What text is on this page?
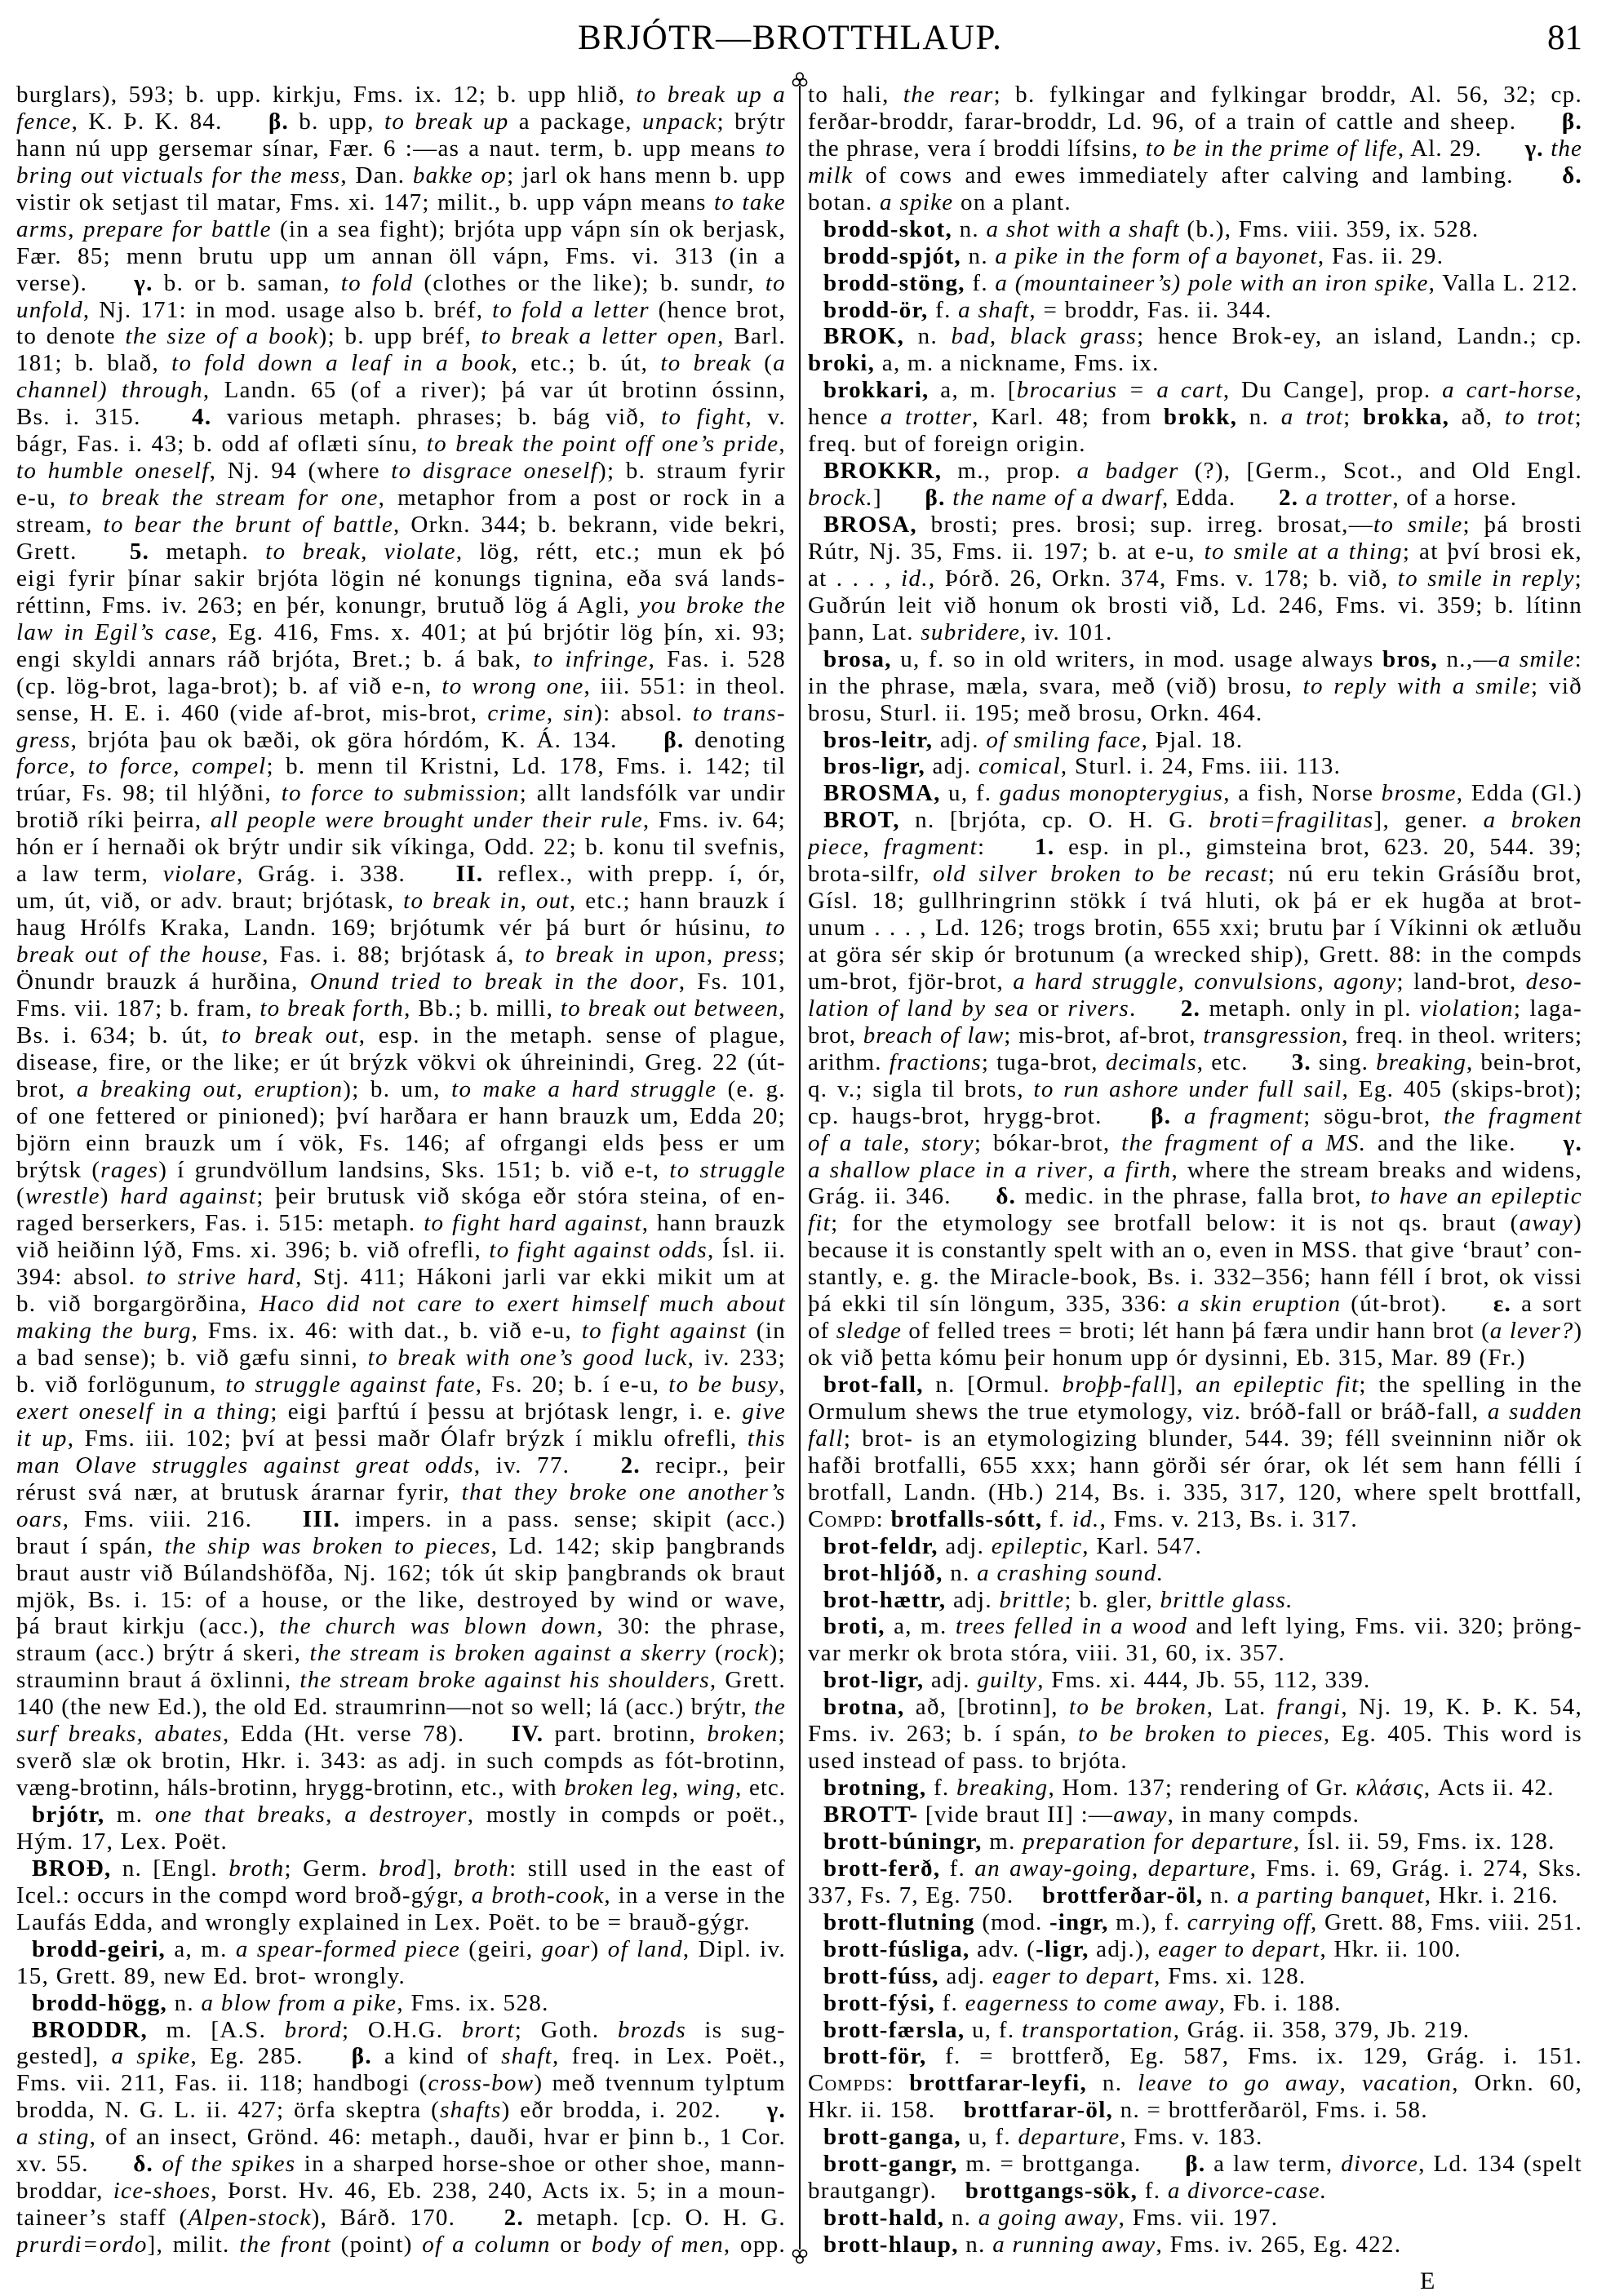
BRJÓTR—BROTTHLAUP.	81
burglars), 593; b. upp. kirkju, Fms. ix. 12; b. upp hlið, to break up a
fence, K. Þ. K. 84. β. b. upp, to break up a package, unpack; brýtr
hann nú upp gersemar sínar, Fær. 6 :—as a naut. term, b. upp means to
bring out victuals for the mess, Dan. bakke op; jarl ok hans menn b. upp
vistir ok setjast til matar, Fms. xi. 147; milit., b. upp vápn means to take
arms, prepare for battle (in a sea fight); brjóta upp vápn sín ok berjask,
Fær. 85; menn brutu upp um annan öll vápn, Fms. vi. 313 (in a
verse). γ. b. or b. saman, to fold (clothes or the like); b. sundr, to
unfold, Nj. 171: in mod. usage also b. bréf, to fold a letter (hence brot,
to denote the size of a book); b. upp bréf, to break a letter open, Barl.
181; b. blað, to fold down a leaf in a book, etc.; b. út, to break (a
channel) through, Landn. 65 (of a river); þá var út brotinn óssinn,
Bs. i. 315. 4. various metaph. phrases; b. bág við, to fight, v.
bágr, Fas. i. 43; b. odd af oflæti sínu, to break the point off one’s pride,
to humble oneself, Nj. 94 (where to disgrace oneself); b. straum fyrir
e-u, to break the stream for one, metaphor from a post or rock in a
stream, to bear the brunt of battle, Orkn. 344; b. bekrann, vide bekri,
Grett. 5. metaph. to break, violate, lög, rétt, etc.; mun ek þó
eigi fyrir þínar sakir brjóta lögin né konungs tignina, eða svá lands-
réttinn, Fms. iv. 263; en þér, konungr, brutuð lög á Agli, you broke the
law in Egil’s case, Eg. 416, Fms. x. 401; at þú brjótir lög þín, xi. 93;
engi skyldi annars ráð brjóta, Bret.; b. á bak, to infringe, Fas. i. 528
(cp. lög-brot, laga-brot); b. af við e-n, to wrong one, iii. 551: in theol.
sense, H. E. i. 460 (vide af-brot, mis-brot, crime, sin): absol. to trans-
gress, brjóta þau ok bæði, ok göra hórdóm, K. Á. 134. β. denoting
force, to force, compel; b. menn til Kristni, Ld. 178, Fms. i. 142; til
trúar, Fs. 98; til hlýðni, to force to submission; allt landsfólk var undir
brotið ríki þeirra, all people were brought under their rule, Fms. iv. 64;
hón er í hernaði ok brýtr undir sik víkinga, Odd. 22; b. konu til svefnis,
a law term, violare, Grág. i. 338. II. reflex., with prepp. í, ór,
um, út, við, or adv. braut; brjótask, to break in, out, etc.; hann brauzk í
haug Hrólfs Kraka, Landn. 169; brjótumk vér þá burt ór húsinu, to
break out of the house, Fas. i. 88; brjótask á, to break in upon, press;
Önundr brauzk á hurðina, Onund tried to break in the door, Fs. 101,
Fms. vii. 187; b. fram, to break forth, Bb.; b. milli, to break out between,
Bs. i. 634; b. út, to break out, esp. in the metaph. sense of plague,
disease, fire, or the like; er út brýzk vökvi ok úhreinindi, Greg. 22 (út-
brot, a breaking out, eruption); b. um, to make a hard struggle (e. g.
of one fettered or pinioned); því harðara er hann brauzk um, Edda 20;
björn einn brauzk um í vök, Fs. 146; af ofrgangi elds þess er um
brýtsk (rages) í grundvöllum landsins, Sks. 151; b. við e-t, to struggle
(wrestle) hard against; þeir brutusk við skóga eðr stóra steina, of en-
raged berserkers, Fas. i. 515: metaph. to fight hard against, hann brauzk
við heiðinn lýð, Fms. xi. 396; b. við ofrefli, to fight against odds, Ísl. ii.
394: absol. to strive hard, Stj. 411; Hákoni jarli var ekki mikit um at
b. við borgargörðina, Haco did not care to exert himself much about
making the burg, Fms. ix. 46: with dat., b. við e-u, to fight against (in
a bad sense); b. við gæfu sinni, to break with one’s good luck, iv. 233;
b. við forlögunum, to struggle against fate, Fs. 20; b. í e-u, to be busy,
exert oneself in a thing; eigi þarftú í þessu at brjótask lengr, i. e. give
it up, Fms. iii. 102; því at þessi maðr Ólafr brýzk í miklu ofrefli, this
man Olave struggles against great odds, iv. 77. 2. recipr., þeir
rérust svá nær, at brutusk árarnar fyrir, that they broke one another’s
oars, Fms. viii. 216. III. impers. in a pass. sense; skipit (acc.)
braut í spán, the ship was broken to pieces, Ld. 142; skip þangbrands
braut austr við Búlandshöfða, Nj. 162; tók út skip þangbrands ok braut
mjök, Bs. i. 15: of a house, or the like, destroyed by wind or wave,
þá braut kirkju (acc.), the church was blown down, 30: the phrase,
straum (acc.) brýtr á skeri, the stream is broken against a skerry (rock);
strauminn braut á öxlinni, the stream broke against his shoulders, Grett.
140 (the new Ed.), the old Ed. straumrinn—not so well; lá (acc.) brýtr, the
surf breaks, abates, Edda (Ht. verse 78). IV. part. brotinn, broken;
sverð slæ ok brotin, Hkr. i. 343: as adj. in such compds as fót-brotinn,
væng-brotinn, háls-brotinn, hrygg-brotinn, etc., with broken leg, wing, etc.
brjótr, m. one that breaks, a destroyer, mostly in compds or poët.,
Hým. 17, Lex. Poët.
BROÐ, n. [Engl. broth; Germ. brod], broth: still used in the east of
Icel.: occurs in the compd word broð-gýgr, a broth-cook, in a verse in the
Laufás Edda, and wrongly explained in Lex. Poët. to be = brauð-gýgr.
brodd-geiri, a, m. a spear-formed piece (geiri, goar) of land, Dipl. iv.
15, Grett. 89, new Ed. brot- wrongly.
brodd-högg, n. a blow from a pike, Fms. ix. 528.
BRODDR, m. [A.S. brord; O.H.G. brort; Goth. brozds is sug-
gested], a spike, Eg. 285. β. a kind of shaft, freq. in Lex. Poët.,
Fms. vii. 211, Fas. ii. 118; handbogi (cross-bow) með tvennum tylptum
brodda, N. G. L. ii. 427; örfa skeptra (shafts) eðr brodda, i. 202. γ.
a sting, of an insect, Grönd. 46: metaph., dauði, hvar er þinn b., 1 Cor.
xv. 55. δ. of the spikes in a sharped horse-shoe or other shoe, mann-
broddar, ice-shoes, Þorst. Hv. 46, Eb. 238, 240, Acts ix. 5; in a moun-
taineer’s staff (Alpen-stock), Bárð. 170. 2. metaph. [cp. O. H. G.
prurdi=ordo], milit. the front (point) of a column or body of men, opp.
to hali, the rear; b. fylkingar and fylkingar broddr, Al. 56, 32; cp.
ferðar-broddr, farar-broddr, Ld. 96, of a train of cattle and sheep. β.
the phrase, vera í broddi lífsins, to be in the prime of life, Al. 29. γ. the
milk of cows and ewes immediately after calving and lambing. δ.
botan. a spike on a plant.
brodd-skot, n. a shot with a shaft (b.), Fms. viii. 359, ix. 528.
brodd-spjót, n. a pike in the form of a bayonet, Fas. ii. 29.
brodd-stöng, f. a (mountaineer’s) pole with an iron spike, Valla L. 212.
brodd-ör, f. a shaft, = broddr, Fas. ii. 344.
BROK, n. bad, black grass; hence Brok-ey, an island, Landn.; cp.
broki, a, m. a nickname, Fms. ix.
brokkari, a, m. [brocarius = a cart, Du Cange], prop. a cart-horse,
hence a trotter, Karl. 48; from brokk, n. a trot; brokka, að, to trot;
freq. but of foreign origin.
BROKKR, m., prop. a badger (?), [Germ., Scot., and Old Engl.
brock.] β. the name of a dwarf, Edda. 2. a trotter, of a horse.
BROSA, brosti; pres. brosi; sup. irreg. brosat,—to smile; þá brosti
Rútr, Nj. 35, Fms. ii. 197; b. at e-u, to smile at a thing; at því brosi ek,
at . . . , id., Þórð. 26, Orkn. 374, Fms. v. 178; b. við, to smile in reply;
Guðrún leit við honum ok brosti við, Ld. 246, Fms. vi. 359; b. lítinn
þann, Lat. subridere, iv. 101.
brosa, u, f. so in old writers, in mod. usage always bros, n.,—a smile:
in the phrase, mæla, svara, með (við) brosu, to reply with a smile; við
brosu, Sturl. ii. 195; með brosu, Orkn. 464.
bros-leitr, adj. of smiling face, Þjal. 18.
bros-ligr, adj. comical, Sturl. i. 24, Fms. iii. 113.
BROSMA, u, f. gadus monopterygius, a fish, Norse brosme, Edda (Gl.)
BROT, n. [brjóta, cp. O. H. G. broti=fragilitas], gener. a broken
piece, fragment: 1. esp. in pl., gimsteina brot, 623. 20, 544. 39;
brota-silfr, old silver broken to be recast; nú eru tekin Grásíðu brot,
Gísl. 18; gullhringrinn stökk í tvá hluti, ok þá er ek hugða at brot-
unum . . . , Ld. 126; trogs brotin, 655 xxi; brutu þar í Víkinni ok ætluðu
at göra sér skip ór brotunum (a wrecked ship), Grett. 88: in the compds
um-brot, fjör-brot, a hard struggle, convulsions, agony; land-brot, deso-
lation of land by sea or rivers. 2. metaph. only in pl. violation; laga-
brot, breach of law; mis-brot, af-brot, transgression, freq. in theol. writers;
arithm. fractions; tuga-brot, decimals, etc. 3. sing. breaking, bein-brot,
q. v.; sigla til brots, to run ashore under full sail, Eg. 405 (skips-brot);
cp. haugs-brot, hrygg-brot. β. a fragment; sögu-brot, the fragment
of a tale, story; bókar-brot, the fragment of a MS. and the like. γ.
a shallow place in a river, a firth, where the stream breaks and widens,
Grág. ii. 346. δ. medic. in the phrase, falla brot, to have an epileptic
fit; for the etymology see brotfall below: it is not qs. braut (away)
because it is constantly spelt with an o, even in MSS. that give ‘braut’ con-
stantly, e. g. the Miracle-book, Bs. i. 332–356; hann féll í brot, ok vissi
þá ekki til sín löngum, 335, 336: a skin eruption (út-brot). ε. a sort
of sledge of felled trees = broti; lét hann þá færa undir hann brot (a lever?)
ok við þetta kómu þeir honum upp ór dysinni, Eb. 315, Mar. 89 (Fr.)
brot-fall, n. [Ormul. broþþ-fall], an epileptic fit; the spelling in the
Ormulum shews the true etymology, viz. bróð-fall or bráð-fall, a sudden
fall; brot- is an etymologizing blunder, 544. 39; féll sveinninn niðr ok
hafði brotfalli, 655 xxx; hann görði sér órar, ok lét sem hann félli í
brotfall, Landn. (Hb.) 214, Bs. i. 335, 317, 120, where spelt brottfall,
Compd: brotfalls-sótt, f. id., Fms. v. 213, Bs. i. 317.
brot-feldr, adj. epileptic, Karl. 547.
brot-hljóð, n. a crashing sound.
brot-hættr, adj. brittle; b. gler, brittle glass.
broti, a, m. trees felled in a wood and left lying, Fms. vii. 320; þröng-
var merkr ok brota stóra, viii. 31, 60, ix. 357.
brot-ligr, adj. guilty, Fms. xi. 444, Jb. 55, 112, 339.
brotna, að, [brotinn], to be broken, Lat. frangi, Nj. 19, K. Þ. K. 54,
Fms. iv. 263; b. í spán, to be broken to pieces, Eg. 405. This word is
used instead of pass. to brjóta.
brotning, f. breaking, Hom. 137; rendering of Gr. κλάσις, Acts ii. 42.
BROTT- [vide braut II] :—away, in many compds.
brott-búningr, m. preparation for departure, Ísl. ii. 59, Fms. ix. 128.
brott-ferð, f. an away-going, departure, Fms. i. 69, Grág. i. 274, Sks.
337, Fs. 7, Eg. 750. brottferðar-öl, n. a parting banquet, Hkr. i. 216.
brott-flutning (mod. -ingr, m.), f. carrying off, Grett. 88, Fms. viii. 251.
brott-fúsliga, adv. (-ligr, adj.), eager to depart, Hkr. ii. 100.
brott-fúss, adj. eager to depart, Fms. xi. 128.
brott-fýsi, f. eagerness to come away, Fb. i. 188.
brott-færsla, u, f. transportation, Grág. ii. 358, 379, Jb. 219.
brott-för, f. = brottferð, Eg. 587, Fms. ix. 129, Grág. i. 151.
Compds: brottfarar-leyfi, n. leave to go away, vacation, Orkn. 60,
Hkr. ii. 158. brottfarar-öl, n. = brottferðaröl, Fms. i. 58.
brott-ganga, u, f. departure, Fms. v. 183.
brott-gangr, m. = brottganga. β. a law term, divorce, Ld. 134 (spelt
brautgangr). brottgangs-sök, f. a divorce-case.
brott-hald, n. a going away, Fms. vii. 197.
brott-hlaup, n. a running away, Fms. iv. 265, Eg. 422.
E
